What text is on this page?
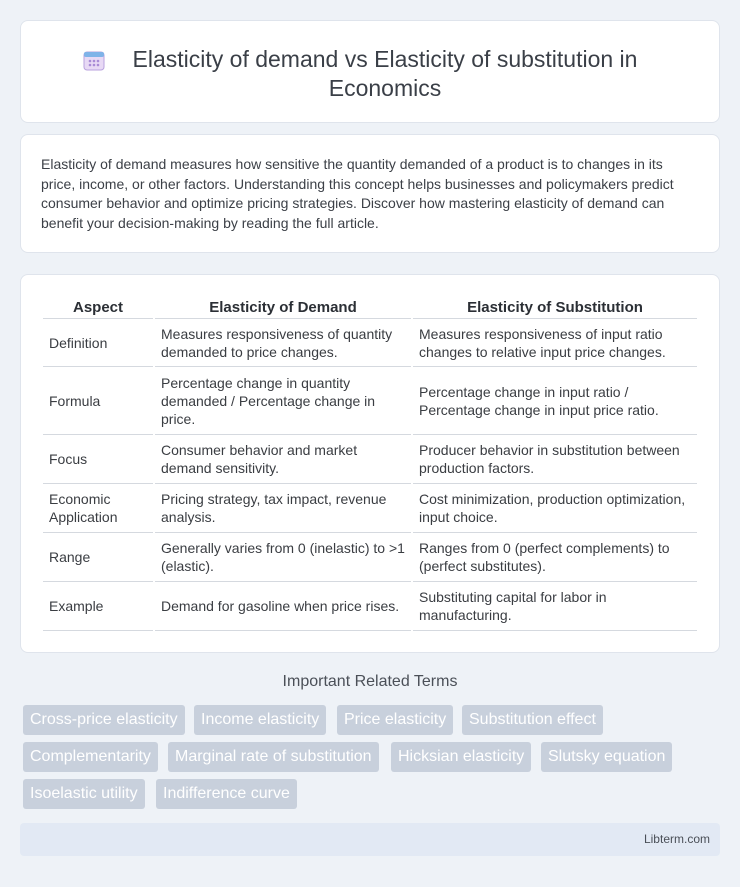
Elasticity of demand vs Elasticity of substitution in Economics

Elasticity of demand measures how sensitive the quantity demanded of a product is to changes in its price, income, or other factors. Understanding this concept helps businesses and policymakers predict consumer behavior and optimize pricing strategies. Discover how mastering elasticity of demand can benefit your decision-making by reading the full article.

Aspect	Elasticity of Demand	Elasticity of Substitution
Definition	Measures responsiveness of quantity demanded to price changes.	Measures responsiveness of input ratio changes to relative input price changes.
Formula	Percentage change in quantity demanded / Percentage change in price.	Percentage change in input ratio / Percentage change in input price ratio.
Focus	Consumer behavior and market demand sensitivity.	Producer behavior in substitution between production factors.
Economic Application	Pricing strategy, tax impact, revenue analysis.	Cost minimization, production optimization, input choice.
Range	Generally varies from 0 (inelastic) to >1 (elastic).	Ranges from 0 (perfect complements) to (perfect substitutes).
Example	Demand for gasoline when price rises.	Substituting capital for labor in manufacturing.
Important Related Terms
Cross-price elasticity	Income elasticity	Price elasticity	Substitution effect
Complementarity	Marginal rate of substitution	Hicksian elasticity	Slutsky equation
Isoelastic utility	Indifference curve
Libterm.com
